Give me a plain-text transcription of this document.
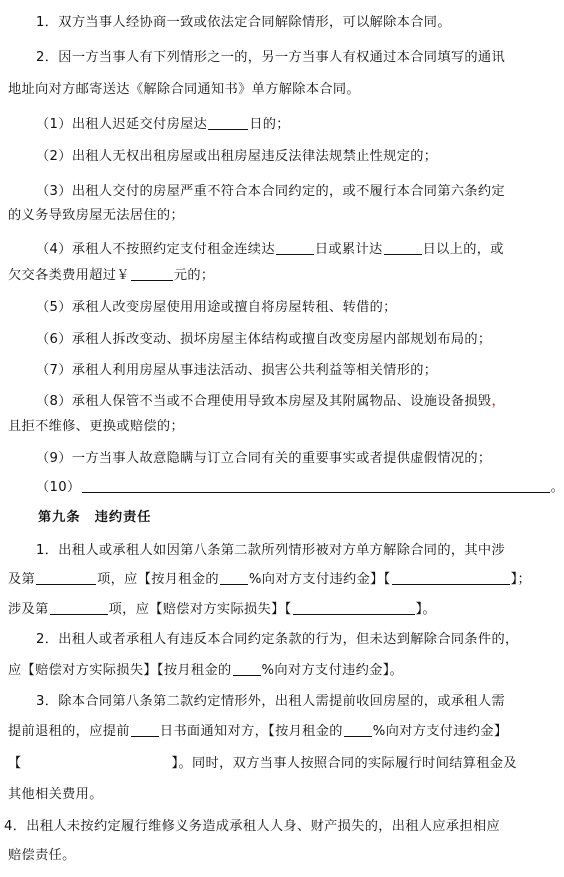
1．双方当事人经协商一致或依法定合同解除情形，可以解除本合同。
2．因一方当事人有下列情形之一的，另一方当事人有权通过本合同填写的通讯
地址向对方邮寄送达《解除合同通知书》单方解除本合同。
（1）出租人迟延交付房屋达	日的；
（2）出租人无权出租房屋或出租房屋违反法律法规禁止性规定的；
（3）出租人交付的房屋严重不符合本合同约定的，或不履行本合同第六条约定
的义务导致房屋无法居住的；
（4）承租人不按照约定支付租金连续达	日或累计达	日以上的，或
欠交各类费用超过￥	元的；
（5）承租人改变房屋使用用途或擅自将房屋转租、转借的；
（6）承租人拆改变动、损坏房屋主体结构或擅自改变房屋内部规划布局的；
（7）承租人利用房屋从事违法活动、损害公共利益等相关情形的；
（8）承租人保管不当或不合理使用导致本房屋及其附属物品、设施设备损毁，
且拒不维修、更换或赔偿的；
（9）一方当事人故意隐瞒与订立合同有关的重要事实或者提供虚假情况的；
（10）	。
第九条　违约责任
1．出租人或承租人如因第八条第二款所列情形被对方单方解除合同的，其中涉
及第	项，应【按月租金的 %向对方支付违约金】【	】；
涉及第	项，应【赔偿对方实际损失】【	】。
2．出租人或者承租人有违反本合同约定条款的行为，但未达到解除合同条件的，
应【赔偿对方实际损失】【按月租金的 %向对方支付违约金】。
3．除本合同第八条第二款约定情形外，出租人需提前收回房屋的，或承租人需
提前退租的，应提前 日书面通知对方，【按月租金的 %向对方支付违约金】
【	】。同时，双方当事人按照合同的实际履行时间结算租金及
其他相关费用。
4．出租人未按约定履行维修义务造成承租人人身、财产损失的，出租人应承担相应
赔偿责任。
